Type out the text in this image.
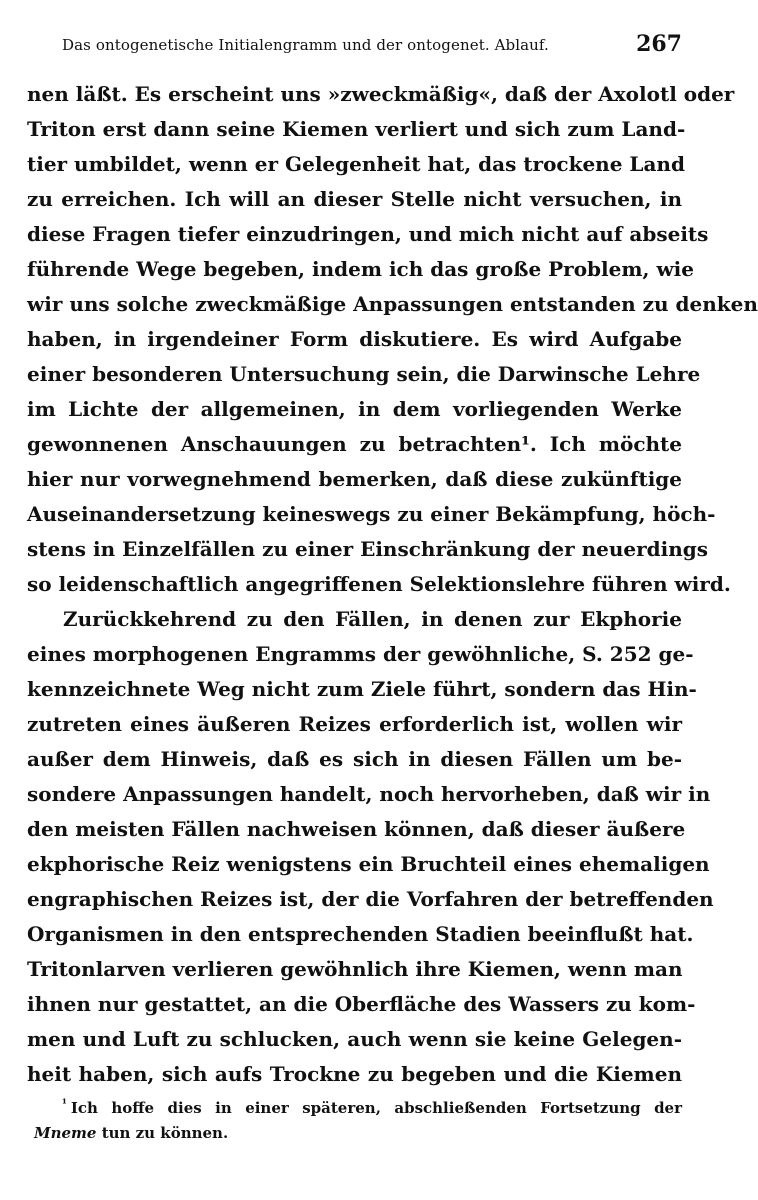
Das ontogenetische Initialengramm und der ontogenet. Ablauf.	267
nen läßt. Es erscheint uns »zweckmäßig«, daß der Axolotl oder
Triton erst dann seine Kiemen verliert und sich zum Land-
tier umbildet, wenn er Gelegenheit hat, das trockene Land
zu erreichen. Ich will an dieser Stelle nicht versuchen, in
diese Fragen tiefer einzudringen, und mich nicht auf abseits
führende Wege begeben, indem ich das große Problem, wie
wir uns solche zweckmäßige Anpassungen entstanden zu denken
haben, in irgendeiner Form diskutiere. Es wird Aufgabe
einer besonderen Untersuchung sein, die Darwinsche Lehre
im Lichte der allgemeinen, in dem vorliegenden Werke
gewonnenen Anschauungen zu betrachten¹. Ich möchte
hier nur vorwegnehmend bemerken, daß diese zukünftige
Auseinandersetzung keineswegs zu einer Bekämpfung, höch-
stens in Einzelfällen zu einer Einschränkung der neuerdings
so leidenschaftlich angegriffenen Selektionslehre führen wird.
Zurückkehrend zu den Fällen, in denen zur Ekphorie
eines morphogenen Engramms der gewöhnliche, S. 252 ge-
kennzeichnete Weg nicht zum Ziele führt, sondern das Hin-
zutreten eines äußeren Reizes erforderlich ist, wollen wir
außer dem Hinweis, daß es sich in diesen Fällen um be-
sondere Anpassungen handelt, noch hervorheben, daß wir in
den meisten Fällen nachweisen können, daß dieser äußere
ekphorische Reiz wenigstens ein Bruchteil eines ehemaligen
engraphischen Reizes ist, der die Vorfahren der betreffenden
Organismen in den entsprechenden Stadien beeinflußt hat.
Tritonlarven verlieren gewöhnlich ihre Kiemen, wenn man
ihnen nur gestattet, an die Oberfläche des Wassers zu kom-
men und Luft zu schlucken, auch wenn sie keine Gelegen-
heit haben, sich aufs Trockne zu begeben und die Kiemen
$^{^1}$ Ich hoffe dies in einer späteren, abschließenden Fortsetzung der
Mneme tun zu können.
